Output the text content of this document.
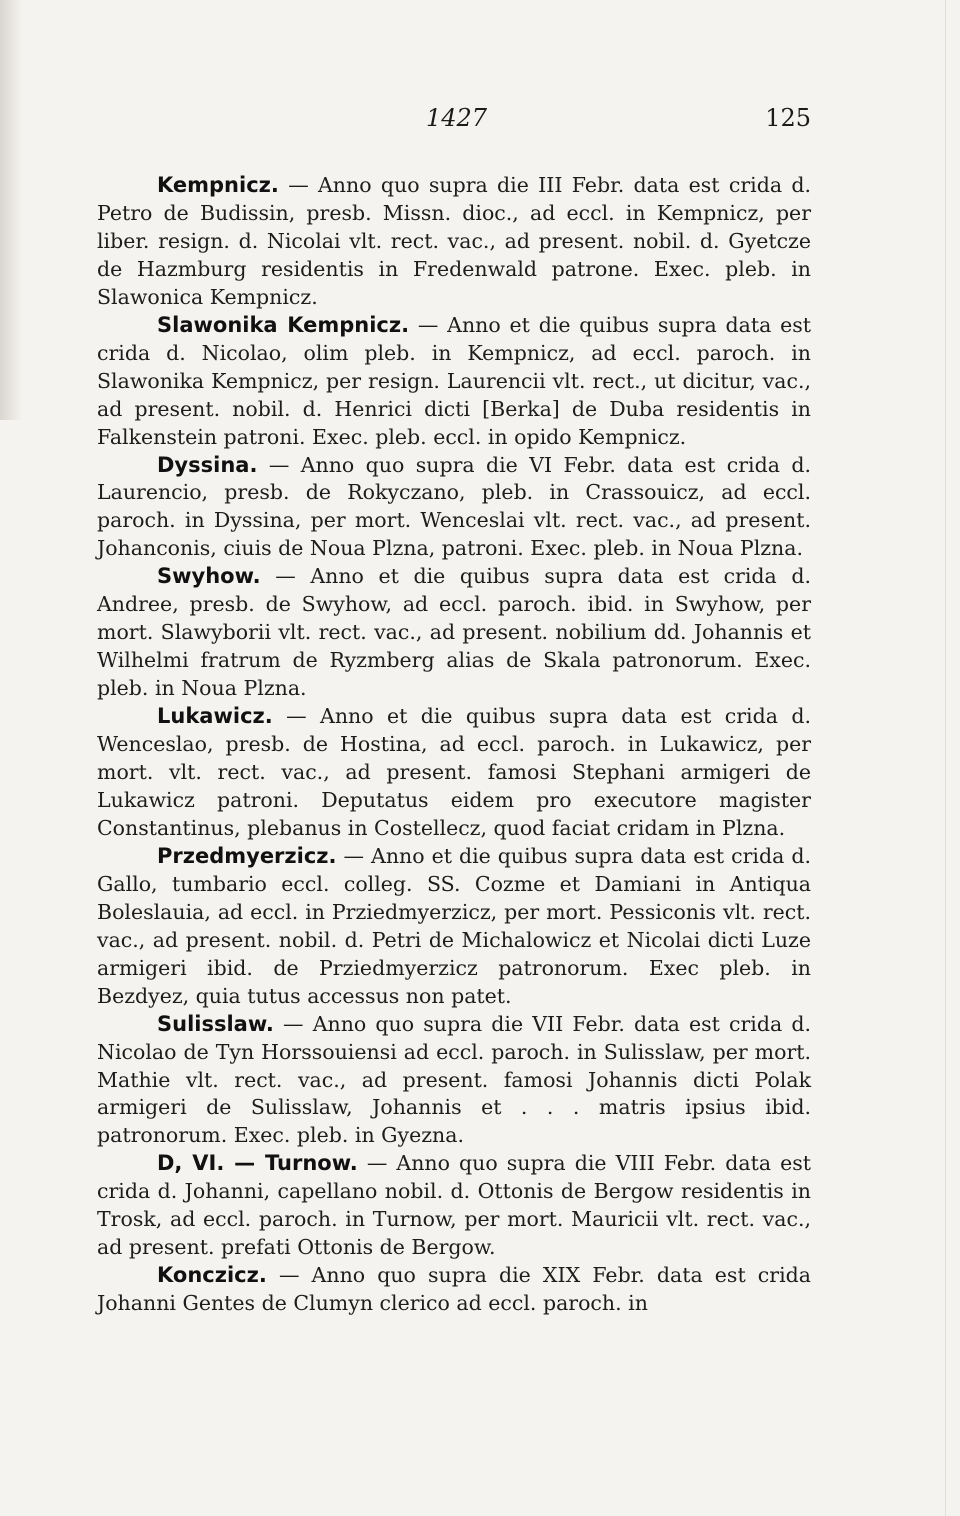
1427	125

Kempnicz. — Anno quo supra die III Febr. data est crida d. Petro de Budissin, presb. Missn. dioc., ad eccl. in Kempnicz, per liber. resign. d. Nicolai vlt. rect. vac., ad present. nobil. d. Gyetcze de Hazmburg residentis in Fredenwald patrone. Exec. pleb. in Slawonica Kempnicz.

Slawonika Kempnicz. — Anno et die quibus supra data est crida d. Nicolao, olim pleb. in Kempnicz, ad eccl. paroch. in Slawonika Kempnicz, per resign. Laurencii vlt. rect., ut dicitur, vac., ad present. nobil. d. Henrici dicti [Berka] de Duba residentis in Falkenstein patroni. Exec. pleb. eccl. in opido Kempnicz.

Dyssina. — Anno quo supra die VI Febr. data est crida d. Laurencio, presb. de Rokyczano, pleb. in Crassouicz, ad eccl. paroch. in Dyssina, per mort. Wenceslai vlt. rect. vac., ad present. Johanconis, ciuis de Noua Plzna, patroni. Exec. pleb. in Noua Plzna.

Swyhow. — Anno et die quibus supra data est crida d. Andree, presb. de Swyhow, ad eccl. paroch. ibid. in Swyhow, per mort. Slawyborii vlt. rect. vac., ad present. nobilium dd. Johannis et Wilhelmi fratrum de Ryzmberg alias de Skala patronorum. Exec. pleb. in Noua Plzna.

Lukawicz. — Anno et die quibus supra data est crida d. Wenceslao, presb. de Hostina, ad eccl. paroch. in Lukawicz, per mort. vlt. rect. vac., ad present. famosi Stephani armigeri de Lukawicz patroni. Deputatus eidem pro executore magister Constantinus, plebanus in Costellecz, quod faciat cridam in Plzna.

Przedmyerzicz. — Anno et die quibus supra data est crida d. Gallo, tumbario eccl. colleg. SS. Cozme et Damiani in Antiqua Boleslauia, ad eccl. in Prziedmyerzicz, per mort. Pessiconis vlt. rect. vac., ad present. nobil. d. Petri de Michalowicz et Nicolai dicti Luze armigeri ibid. de Prziedmyerzicz patronorum. Exec pleb. in Bezdyez, quia tutus accessus non patet.

Sulisslaw. — Anno quo supra die VII Febr. data est crida d. Nicolao de Tyn Horssouiensi ad eccl. paroch. in Sulisslaw, per mort. Mathie vlt. rect. vac., ad present. famosi Johannis dicti Polak armigeri de Sulisslaw, Johannis et . . . matris ipsius ibid. patronorum. Exec. pleb. in Gyezna.

D, VI. — Turnow. — Anno quo supra die VIII Febr. data est crida d. Johanni, capellano nobil. d. Ottonis de Bergow residentis in Trosk, ad eccl. paroch. in Turnow, per mort. Mauricii vlt. rect. vac., ad present. prefati Ottonis de Bergow.

Konczicz. — Anno quo supra die XIX Febr. data est crida Johanni Gentes de Clumyn clerico ad eccl. paroch. in
